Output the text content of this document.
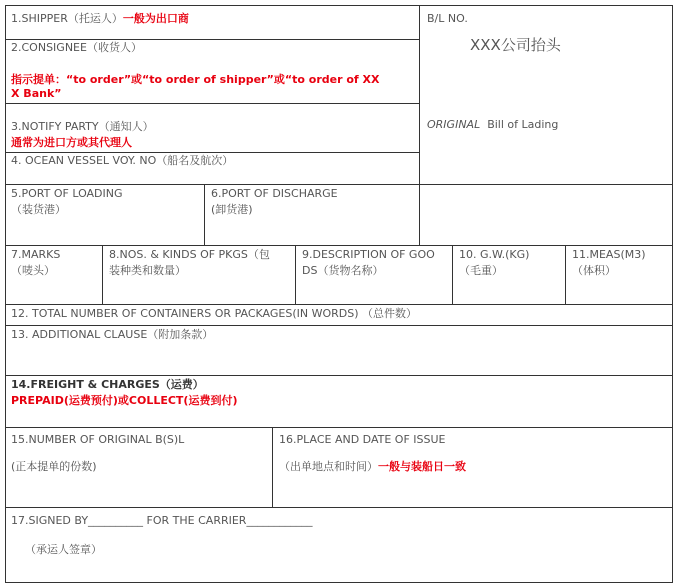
1.SHIPPER（托运人）一般为出口商	B/L NO.
XXX公司抬头
ORIGINAL Bill of Lading
2.CONSIGNEE（收货人）
指示提单：“to order”或“to order of shipper”或“to order of XX
X Bank”
3.NOTIFY PARTY（通知人）
通常为进口方或其代理人
4. OCEAN VESSEL VOY. NO（船名及航次）
5.PORT OF LOADING
（装货港）
6.PORT OF DISCHARGE
(卸货港)
7.MARKS
（唛头）
8.NOS. & KINDS OF PKGS（包
装种类和数量）
9.DESCRIPTION OF GOO
DS（货物名称）
10. G.W.(KG)
（毛重）
11.MEAS(M3)
（体积）
12. TOTAL NUMBER OF CONTAINERS OR PACKAGES(IN WORDS) （总件数）
13. ADDITIONAL CLAUSE（附加条款）
14.FREIGHT & CHARGES（运费）
PREPAID(运费预付)或COLLECT(运费到付)
15.NUMBER OF ORIGINAL B(S)L
(正本提单的份数)
16.PLACE AND DATE OF ISSUE
（出单地点和时间）一般与装船日一致
17.SIGNED BY__________ FOR THE CARRIER____________
（承运人签章）
